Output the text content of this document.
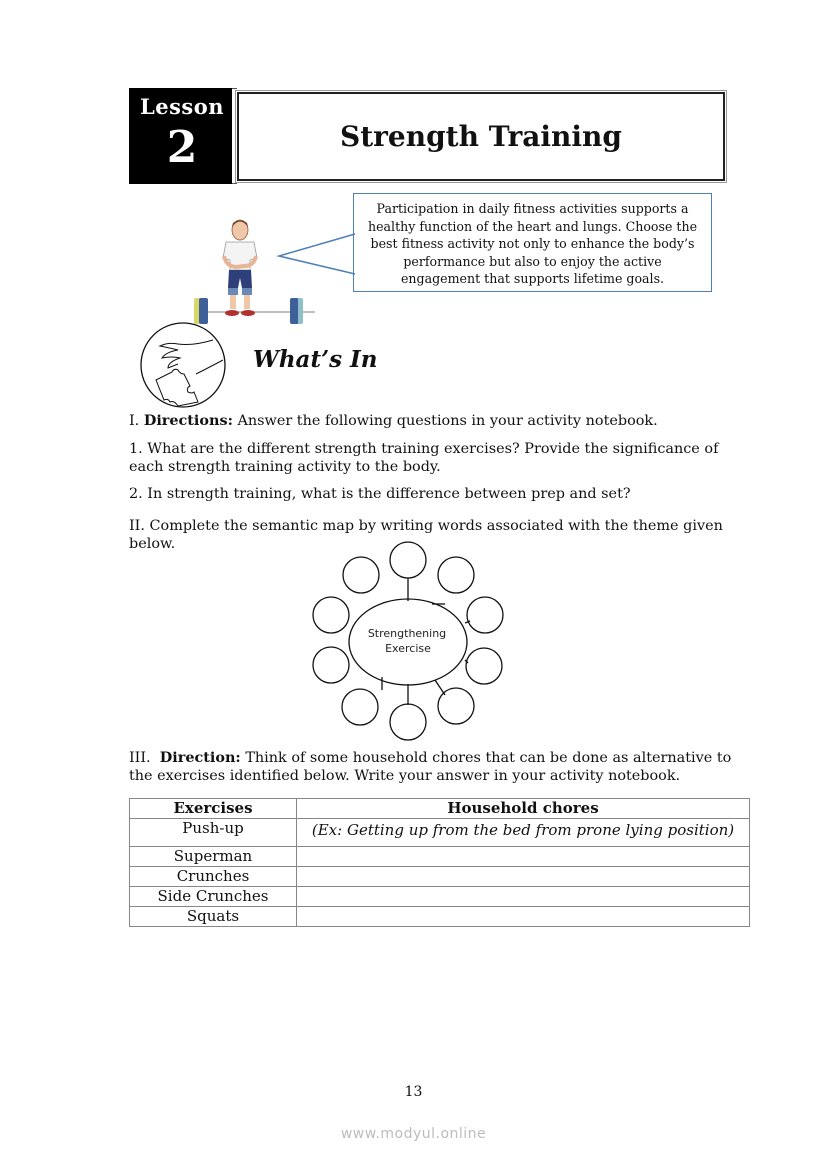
Lesson
2	Strength Training
Participation in daily fitness activities supports a healthy function of the heart and lungs. Choose the best fitness activity not only to enhance the body’s performance but also to enjoy the active engagement that supports lifetime goals.
What’s In
I. Directions: Answer the following questions in your activity notebook.
1. What are the different strength training exercises? Provide the significance of each strength training activity to the body.
2. In strength training, what is the difference between prep and set?
II. Complete the semantic map by writing words associated with the theme given below.
Strengthening
Exercise
III. Direction: Think of some household chores that can be done as alternative to the exercises identified below. Write your answer in your activity notebook.
Exercises	Household chores
Push-up	(Ex: Getting up from the bed from prone lying position)
Superman	
Crunches	
Side Crunches	
Squats	
13
www.modyul.online
